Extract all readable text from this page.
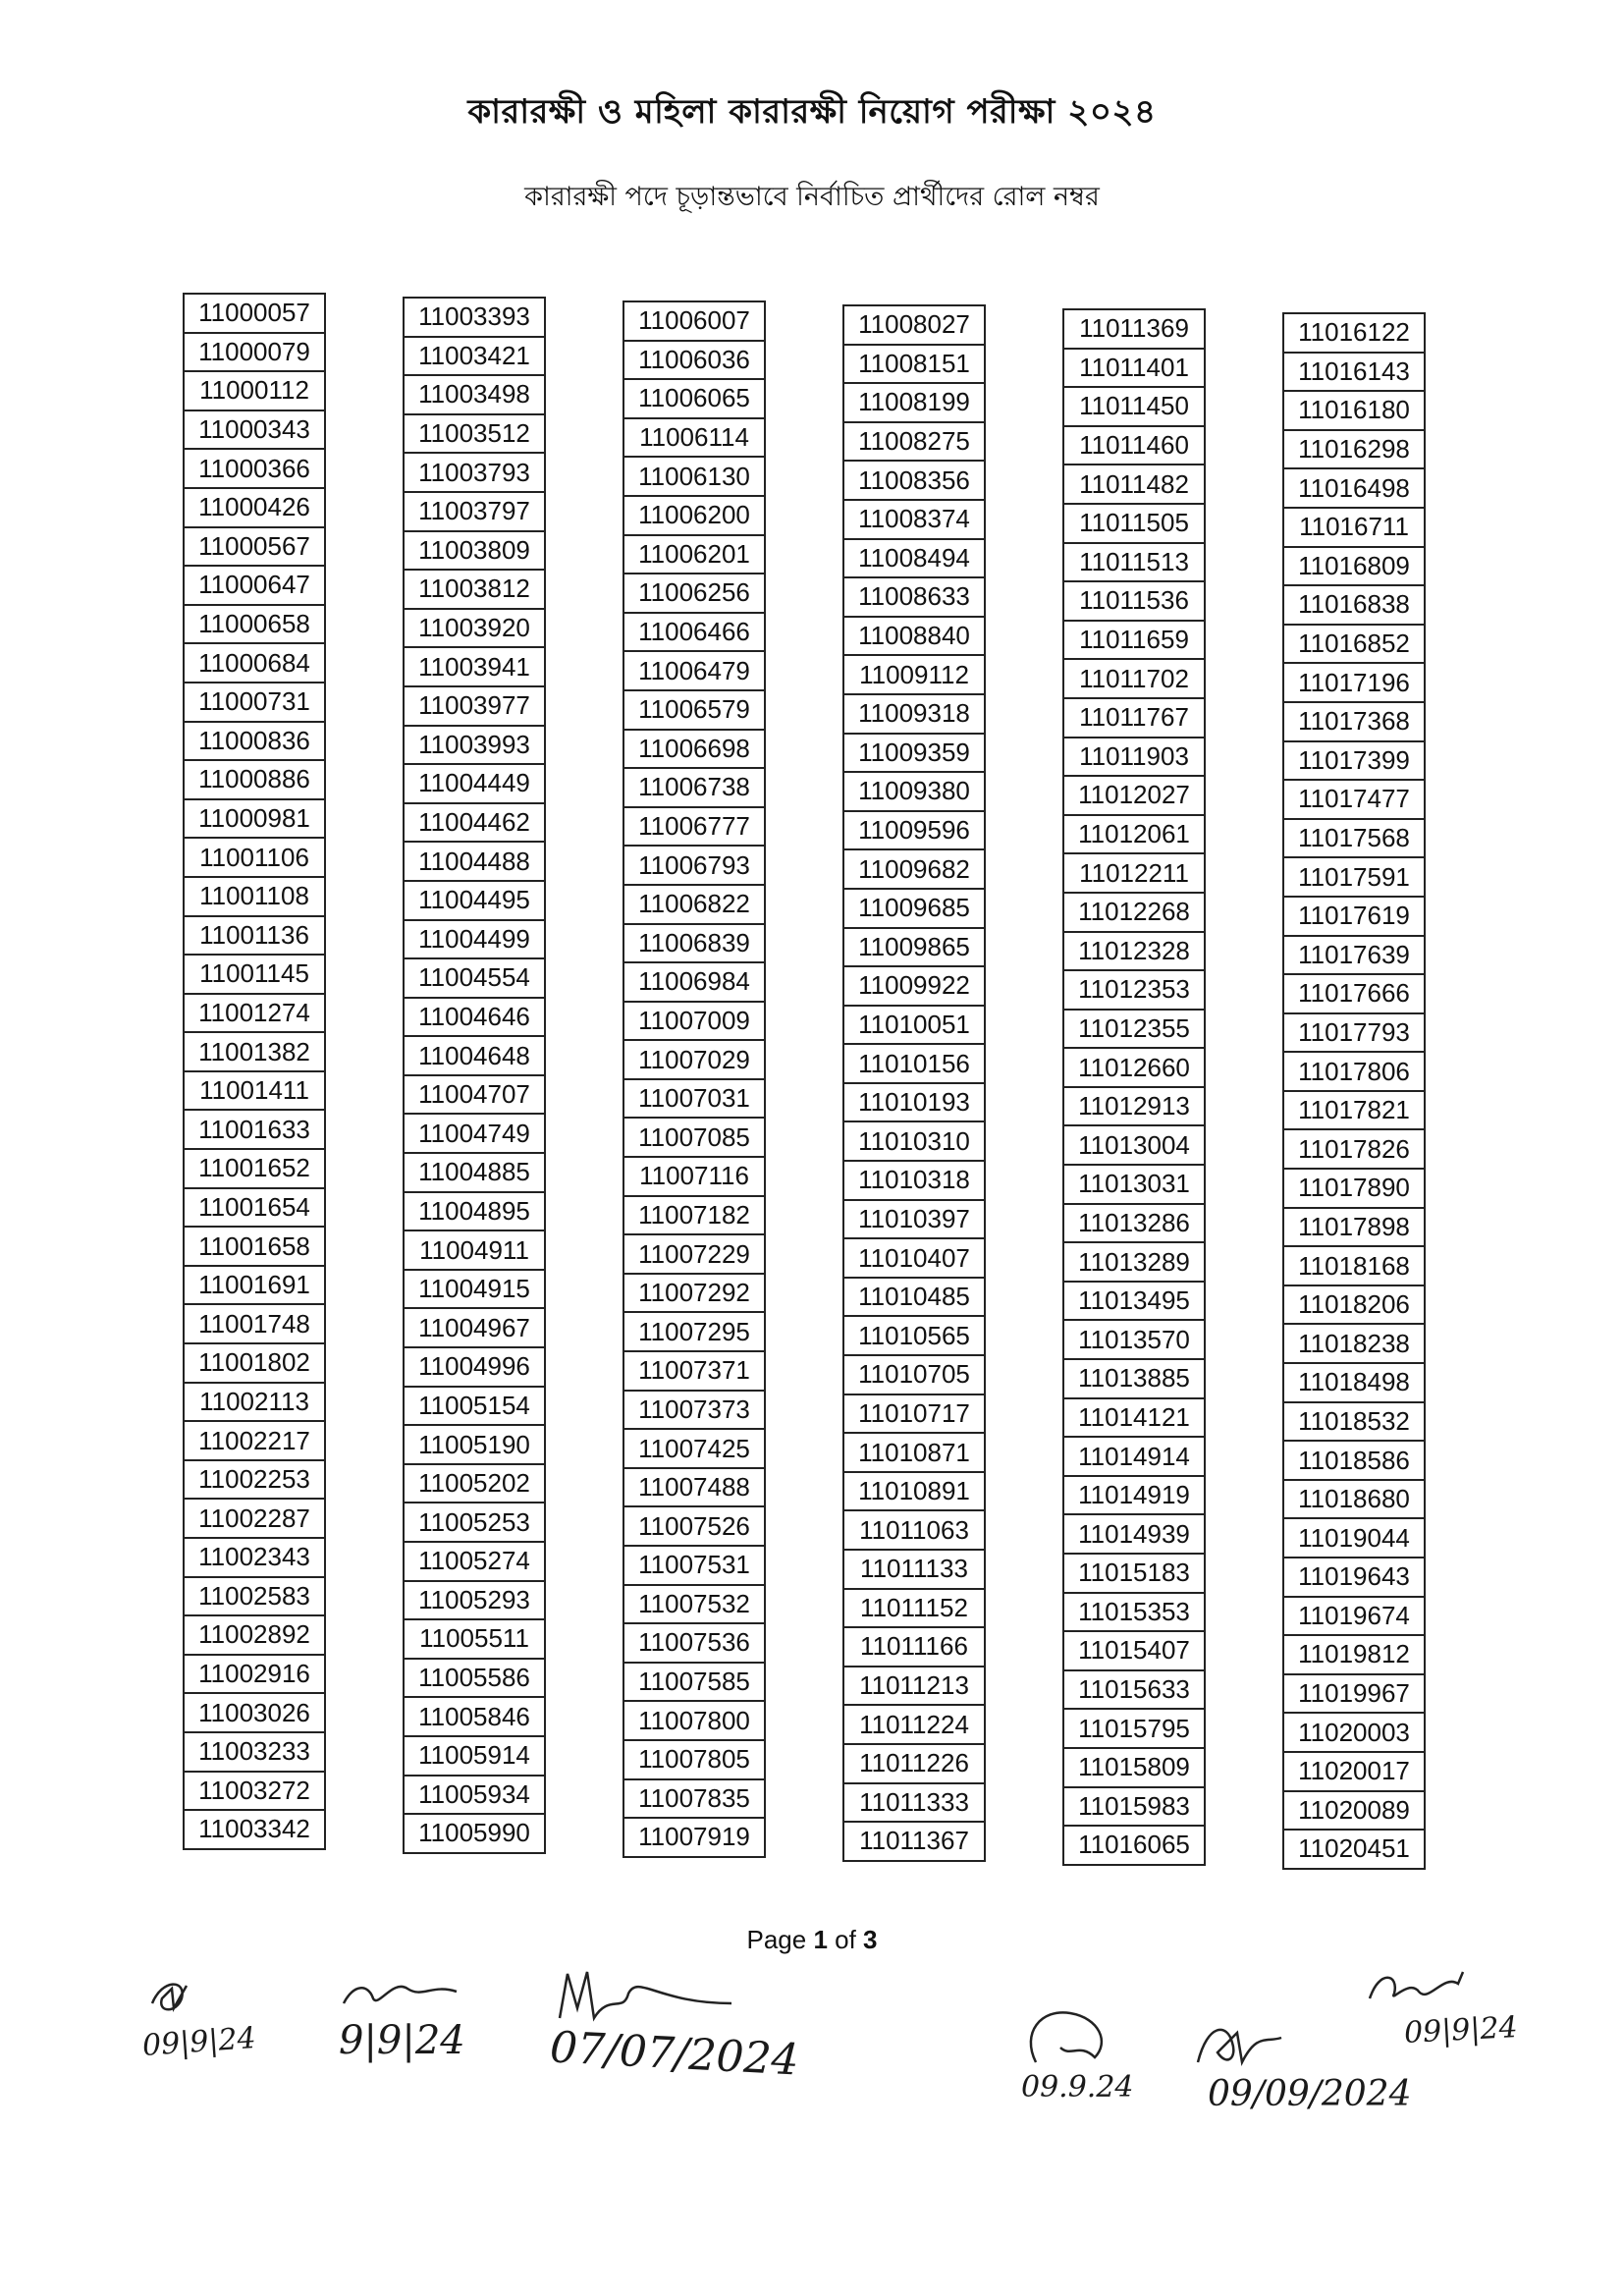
কারারক্ষী ও মহিলা কারারক্ষী নিয়োগ পরীক্ষা ২০২৪
কারারক্ষী পদে চূড়ান্তভাবে নির্বাচিত প্রার্থীদের রোল নম্বর
11000057
11000079
11000112
11000343
11000366
11000426
11000567
11000647
11000658
11000684
11000731
11000836
11000886
11000981
11001106
11001108
11001136
11001145
11001274
11001382
11001411
11001633
11001652
11001654
11001658
11001691
11001748
11001802
11002113
11002217
11002253
11002287
11002343
11002583
11002892
11002916
11003026
11003233
11003272
11003342
11003393
11003421
11003498
11003512
11003793
11003797
11003809
11003812
11003920
11003941
11003977
11003993
11004449
11004462
11004488
11004495
11004499
11004554
11004646
11004648
11004707
11004749
11004885
11004895
11004911
11004915
11004967
11004996
11005154
11005190
11005202
11005253
11005274
11005293
11005511
11005586
11005846
11005914
11005934
11005990
11006007
11006036
11006065
11006114
11006130
11006200
11006201
11006256
11006466
11006479
11006579
11006698
11006738
11006777
11006793
11006822
11006839
11006984
11007009
11007029
11007031
11007085
11007116
11007182
11007229
11007292
11007295
11007371
11007373
11007425
11007488
11007526
11007531
11007532
11007536
11007585
11007800
11007805
11007835
11007919
11008027
11008151
11008199
11008275
11008356
11008374
11008494
11008633
11008840
11009112
11009318
11009359
11009380
11009596
11009682
11009685
11009865
11009922
11010051
11010156
11010193
11010310
11010318
11010397
11010407
11010485
11010565
11010705
11010717
11010871
11010891
11011063
11011133
11011152
11011166
11011213
11011224
11011226
11011333
11011367
11011369
11011401
11011450
11011460
11011482
11011505
11011513
11011536
11011659
11011702
11011767
11011903
11012027
11012061
11012211
11012268
11012328
11012353
11012355
11012660
11012913
11013004
11013031
11013286
11013289
11013495
11013570
11013885
11014121
11014914
11014919
11014939
11015183
11015353
11015407
11015633
11015795
11015809
11015983
11016065
11016122
11016143
11016180
11016298
11016498
11016711
11016809
11016838
11016852
11017196
11017368
11017399
11017477
11017568
11017591
11017619
11017639
11017666
11017793
11017806
11017821
11017826
11017890
11017898
11018168
11018206
11018238
11018498
11018532
11018586
11018680
11019044
11019643
11019674
11019812
11019967
11020003
11020017
11020089
11020451
Page 1 of 3
09|9|24 9|9|24 07/07/2024
09.9.24 09/09/2024
09|9|24
